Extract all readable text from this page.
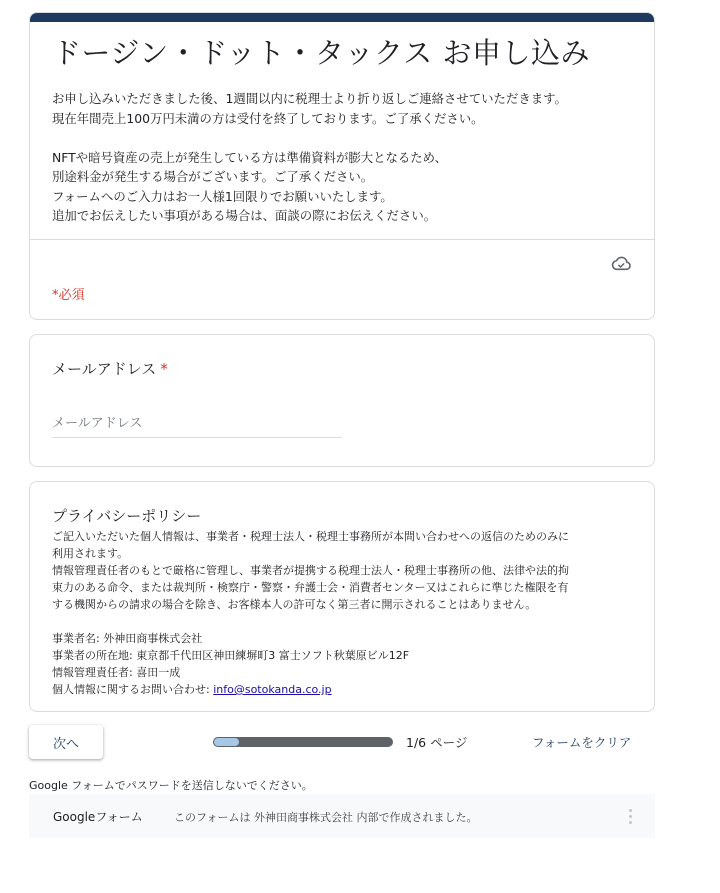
ドージン・ドット・タックス お申し込み

お申し込みいただきました後、1週間以内に税理士より折り返しご連絡させていただきます。

現在年間売上100万円未満の方は受付を終了しております。ご了承ください。

NFTや暗号資産の売上が発生している方は準備資料が膨大となるため、

別途料金が発生する場合がございます。ご了承ください。

フォームへのご入力はお一人様1回限りでお願いいたします。

追加でお伝えしたい事項がある場合は、面談の際にお伝えください。

*必須
メールアドレス *
メールアドレス
プライバシーポリシー

ご記入いただいた個人情報は、事業者・税理士法人・税理士事務所が本問い合わせへの返信のためのみに

利用されます。

情報管理責任者のもとで厳格に管理し、事業者が提携する税理士法人・税理士事務所の他、法律や法的拘

束力のある命令、または裁判所・検察庁・警察・弁護士会・消費者センター又はこれらに準じた権限を有

する機関からの請求の場合を除き、お客様本人の許可なく第三者に開示されることはありません。

事業者名: 外神田商事株式会社

事業者の所在地: 東京都千代田区神田練塀町3 富士ソフト秋葉原ビル12F

情報管理責任者: 喜田一成

個人情報に関するお問い合わせ: info@sotokanda.co.jp

次へ	1/6 ページ	フォームをクリア
Google フォームでパスワードを送信しないでください。
Googleフォーム	このフォームは 外神田商事株式会社 内部で作成されました。
